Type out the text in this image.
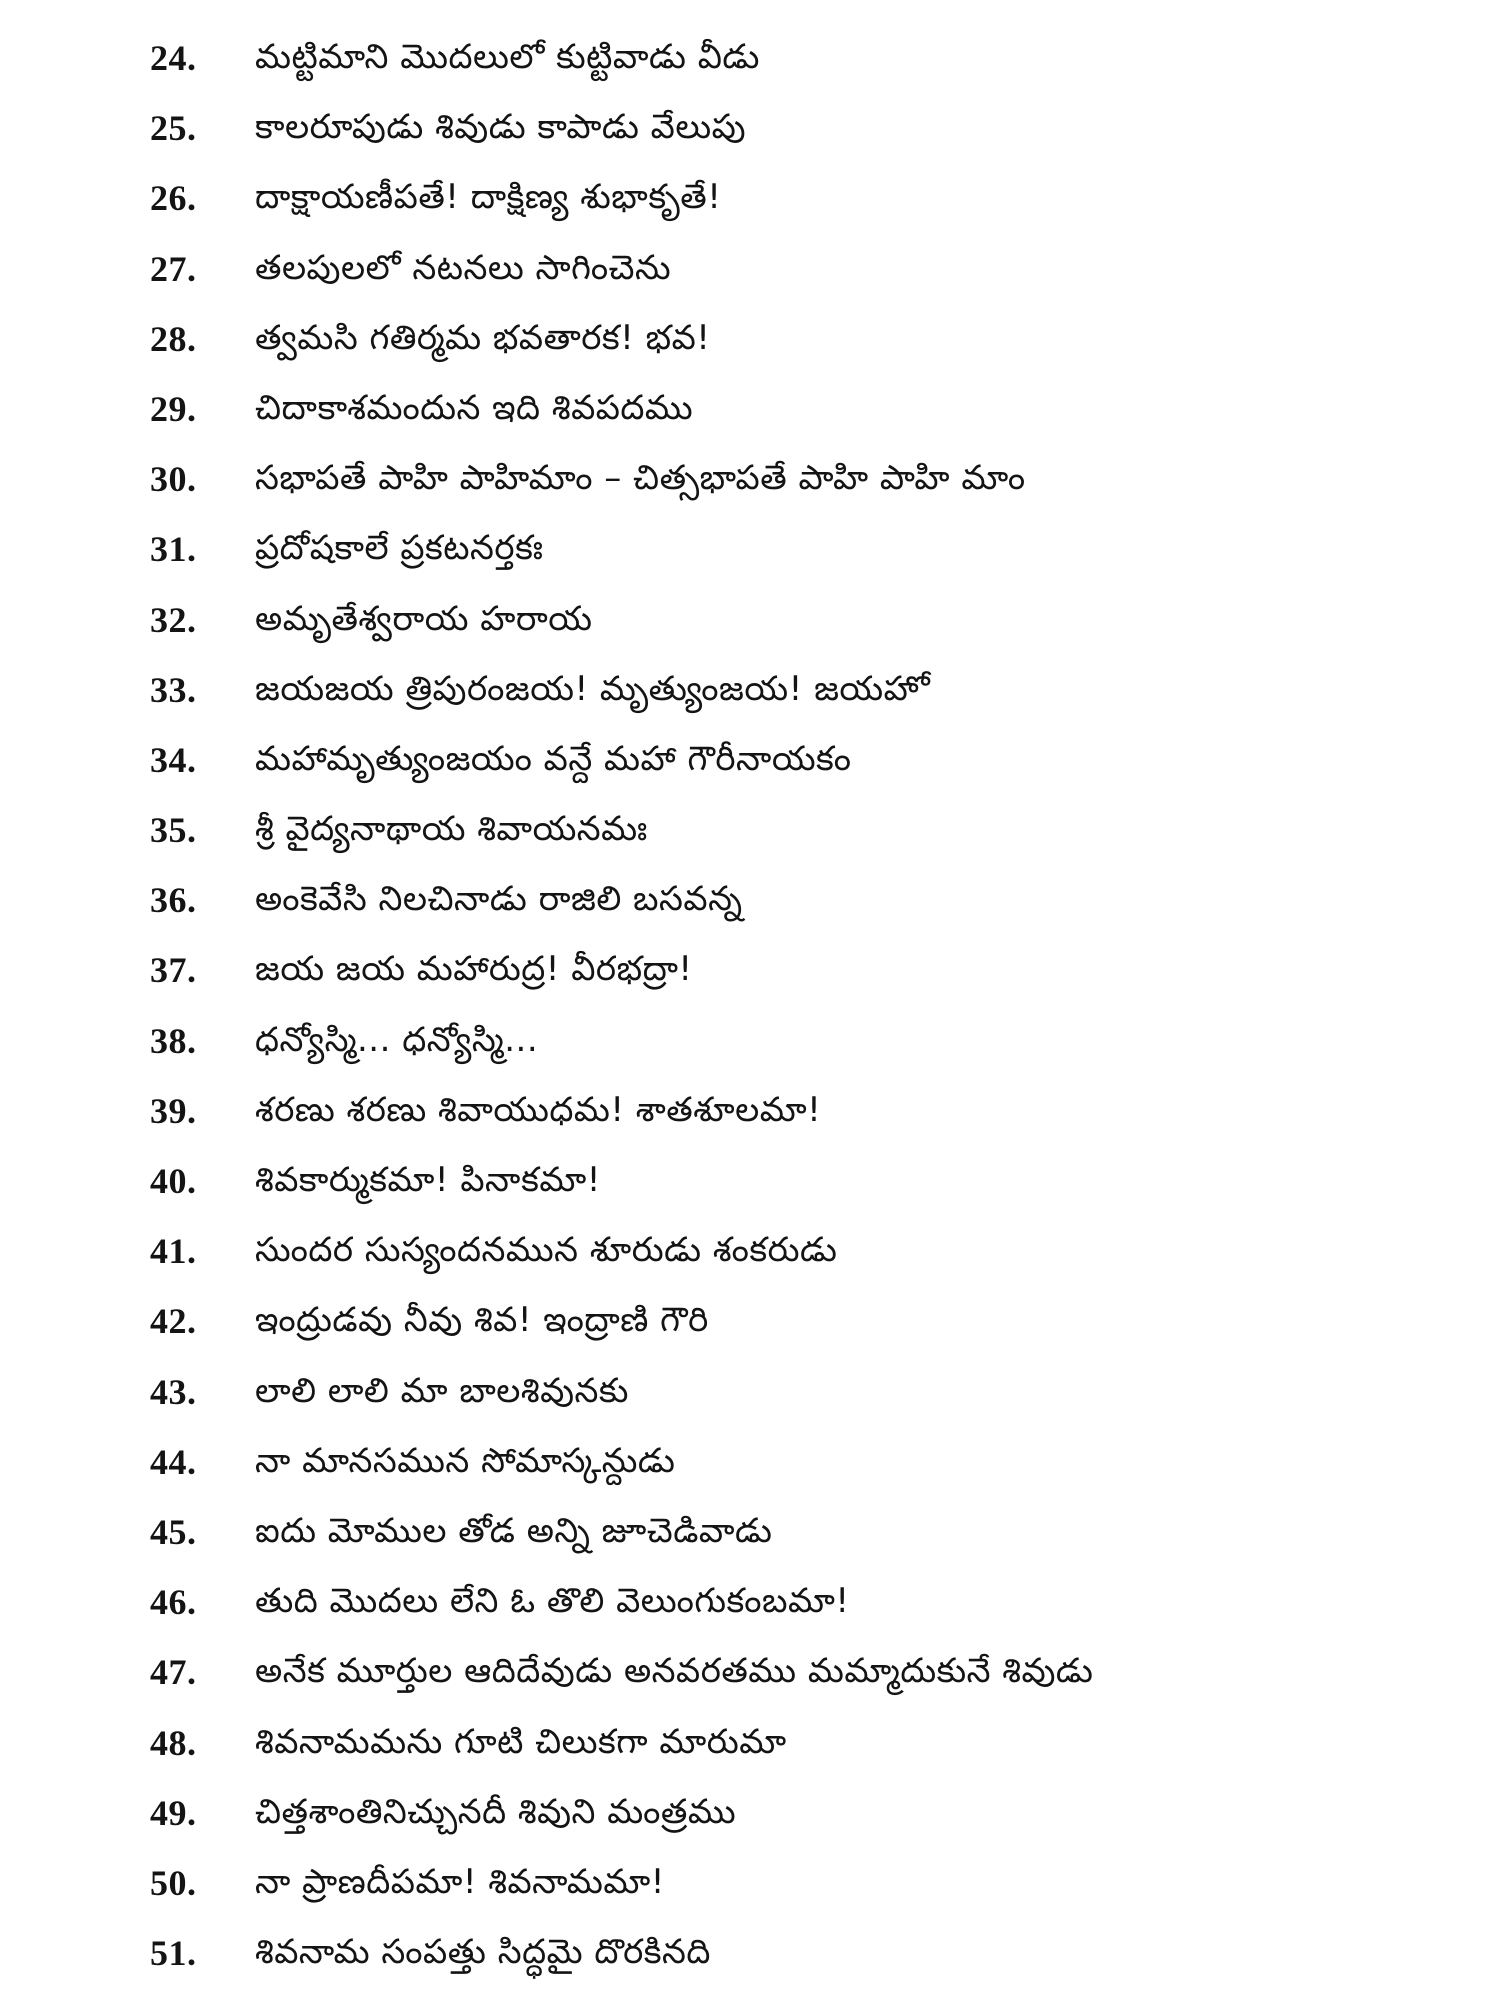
24. మట్టిమాని మొదలులో కుట్టివాడు వీడు
25. కాలరూపుడు శివుడు కాపాడు వేలుపు
26. దాక్షాయణీపతే! దాక్షిణ్య శుభాకృతే!
27. తలపులలో నటనలు సాగించెను
28. త్వమసి గతిర్మమ భవతారక! భవ!
29. చిదాకాశమందున ఇది శివపదము
30. సభాపతే పాహి పాహిమాం – చిత్సభాపతే పాహి పాహి మాం
31. ప్రదోషకాలే ప్రకటనర్తకః
32. అమృతేశ్వరాయ హరాయ
33. జయజయ త్రిపురంజయ! మృత్యుంజయ! జయహో
34. మహామృత్యుంజయం వన్దే మహా గౌరీనాయకం
35. శ్రీ వైద్యనాథాయ శివాయనమః
36. అంకెవేసి నిలచినాడు రాజిలి బసవన్న
37. జయ జయ మహారుద్ర! వీరభద్రా!
38. ధన్యోస్మి... ధన్యోస్మి...
39. శరణు శరణు శివాయుధమ! శాతశూలమా!
40. శివకార్ముకమా! పినాకమా!
41. సుందర సుస్యందనమున శూరుడు శంకరుడు
42. ఇంద్రుడవు నీవు శివ! ఇంద్రాణి గౌరి
43. లాలి లాలి మా బాలశివునకు
44. నా మానసమున సోమాస్కన్దుడు
45. ఐదు మోముల తోడ అన్ని జూచెడివాడు
46. తుది మొదలు లేని ఓ తొలి వెలుంగుకంబమా!
47. అనేక మూర్తుల ఆదిదేవుడు అనవరతము మమ్మాదుకునే శివుడు
48. శివనామమను గూటి చిలుకగా మారుమా
49. చిత్తశాంతినిచ్చునదీ శివుని మంత్రము
50. నా ప్రాణదీపమా! శివనామమా!
51. శివనామ సంపత్తు సిద్ధమై దొరకినది
